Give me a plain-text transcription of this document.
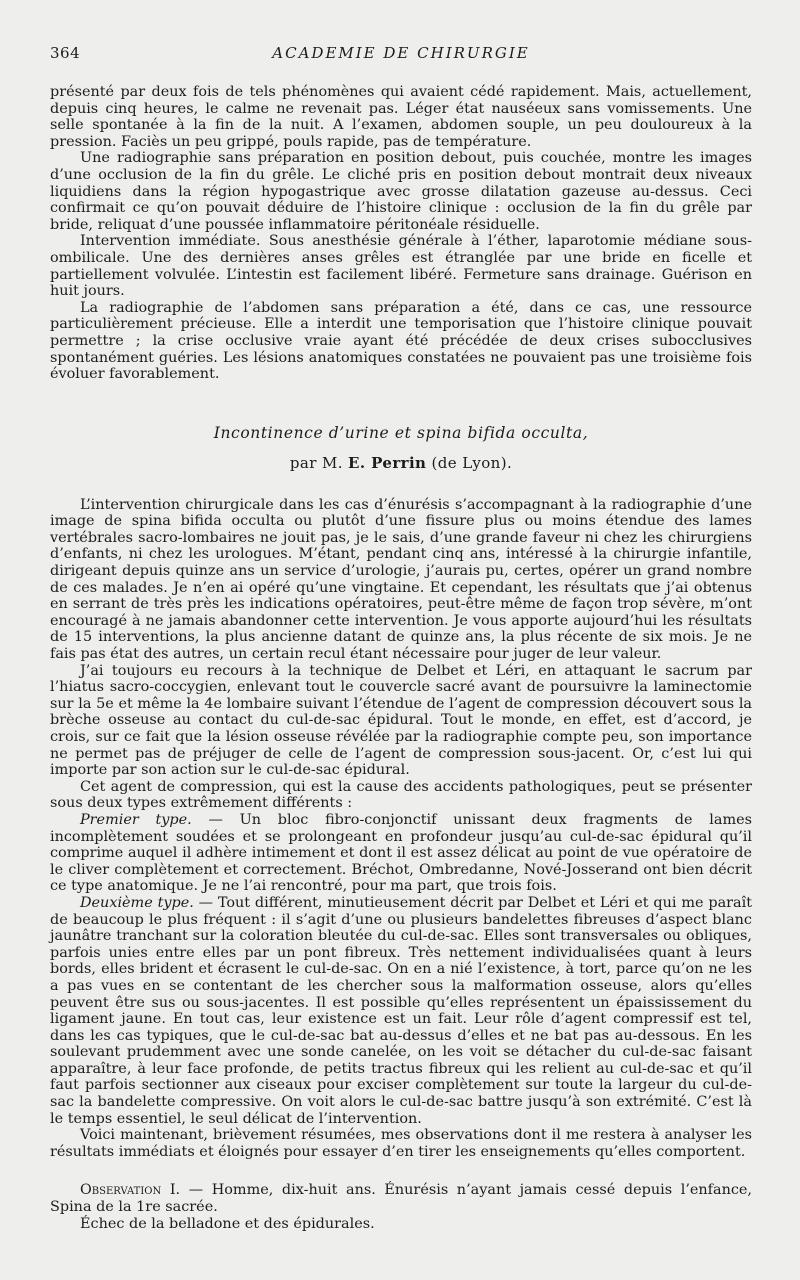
364	ACADEMIE DE CHIRURGIE

présenté par deux fois de tels phénomènes qui avaient cédé rapidement. Mais, actuellement, depuis cinq heures, le calme ne revenait pas. Léger état nauséeux sans vomissements. Une selle spontanée à la fin de la nuit. A l’examen, abdomen souple, un peu douloureux à la pression. Faciès un peu grippé, pouls rapide, pas de température.

Une radiographie sans préparation en position debout, puis couchée, montre les images d’une occlusion de la fin du grêle. Le cliché pris en position debout montrait deux niveaux liquidiens dans la région hypogastrique avec grosse dilatation gazeuse au-dessus. Ceci confirmait ce qu’on pouvait déduire de l’histoire clinique : occlusion de la fin du grêle par bride, reliquat d’une poussée inflammatoire péritonéale résiduelle.

Intervention immédiate. Sous anesthésie générale à l’éther, laparotomie médiane sous-ombilicale. Une des dernières anses grêles est étranglée par une bride en ficelle et partiellement volvulée. L’intestin est facilement libéré. Fermeture sans drainage. Guérison en huit jours.

La radiographie de l’abdomen sans préparation a été, dans ce cas, une ressource particulièrement précieuse. Elle a interdit une temporisation que l’histoire clinique pouvait permettre ; la crise occlusive vraie ayant été précédée de deux crises subocclusives spontanément guéries. Les lésions anatomiques constatées ne pouvaient pas une troisième fois évoluer favorablement.

Incontinence d’urine et spina bifida occulta,
par M. E. Perrin (de Lyon).

L’intervention chirurgicale dans les cas d’énurésis s’accompagnant à la radiographie d’une image de spina bifida occulta ou plutôt d’une fissure plus ou moins étendue des lames vertébrales sacro-lombaires ne jouit pas, je le sais, d’une grande faveur ni chez les chirurgiens d’enfants, ni chez les urologues. M’étant, pendant cinq ans, intéressé à la chirurgie infantile, dirigeant depuis quinze ans un service d’urologie, j’aurais pu, certes, opérer un grand nombre de ces malades. Je n’en ai opéré qu’une vingtaine. Et cependant, les résultats que j’ai obtenus en serrant de très près les indications opératoires, peut-être même de façon trop sévère, m’ont encouragé à ne jamais abandonner cette intervention. Je vous apporte aujourd’hui les résultats de 15 interventions, la plus ancienne datant de quinze ans, la plus récente de six mois. Je ne fais pas état des autres, un certain recul étant nécessaire pour juger de leur valeur.

J’ai toujours eu recours à la technique de Delbet et Léri, en attaquant le sacrum par l’hiatus sacro-coccygien, enlevant tout le couvercle sacré avant de poursuivre la laminectomie sur la 5e et même la 4e lombaire suivant l’étendue de l’agent de compression découvert sous la brèche osseuse au contact du cul-de-sac épidural. Tout le monde, en effet, est d’accord, je crois, sur ce fait que la lésion osseuse révélée par la radiographie compte peu, son importance ne permet pas de préjuger de celle de l’agent de compression sous-jacent. Or, c’est lui qui importe par son action sur le cul-de-sac épidural.

Cet agent de compression, qui est la cause des accidents pathologiques, peut se présenter sous deux types extrêmement différents :

Premier type. — Un bloc fibro-conjonctif unissant deux fragments de lames incomplètement soudées et se prolongeant en profondeur jusqu’au cul-de-sac épidural qu’il comprime auquel il adhère intimement et dont il est assez délicat au point de vue opératoire de le cliver complètement et correctement. Bréchot, Ombredanne, Nové-Josserand ont bien décrit ce type anatomique. Je ne l’ai rencontré, pour ma part, que trois fois.

Deuxième type. — Tout différent, minutieusement décrit par Delbet et Léri et qui me paraît de beaucoup le plus fréquent : il s’agit d’une ou plusieurs bandelettes fibreuses d’aspect blanc jaunâtre tranchant sur la coloration bleutée du cul-de-sac. Elles sont transversales ou obliques, parfois unies entre elles par un pont fibreux. Très nettement individualisées quant à leurs bords, elles brident et écrasent le cul-de-sac. On en a nié l’existence, à tort, parce qu’on ne les a pas vues en se contentant de les chercher sous la malformation osseuse, alors qu’elles peuvent être sus ou sous-jacentes. Il est possible qu’elles représentent un épaississement du ligament jaune. En tout cas, leur existence est un fait. Leur rôle d’agent compressif est tel, dans les cas typiques, que le cul-de-sac bat au-dessus d’elles et ne bat pas au-dessous. En les soulevant prudemment avec une sonde canelée, on les voit se détacher du cul-de-sac faisant apparaître, à leur face profonde, de petits tractus fibreux qui les relient au cul-de-sac et qu’il faut parfois sectionner aux ciseaux pour exciser complètement sur toute la largeur du cul-de-sac la bandelette compressive. On voit alors le cul-de-sac battre jusqu’à son extrémité. C’est là le temps essentiel, le seul délicat de l’intervention.

Voici maintenant, brièvement résumées, mes observations dont il me restera à analyser les résultats immédiats et éloignés pour essayer d’en tirer les enseignements qu’elles comportent.

Observation I. — Homme, dix-huit ans. Énurésis n’ayant jamais cessé depuis l’enfance, Spina de la 1re sacrée.

Échec de la belladone et des épidurales.
